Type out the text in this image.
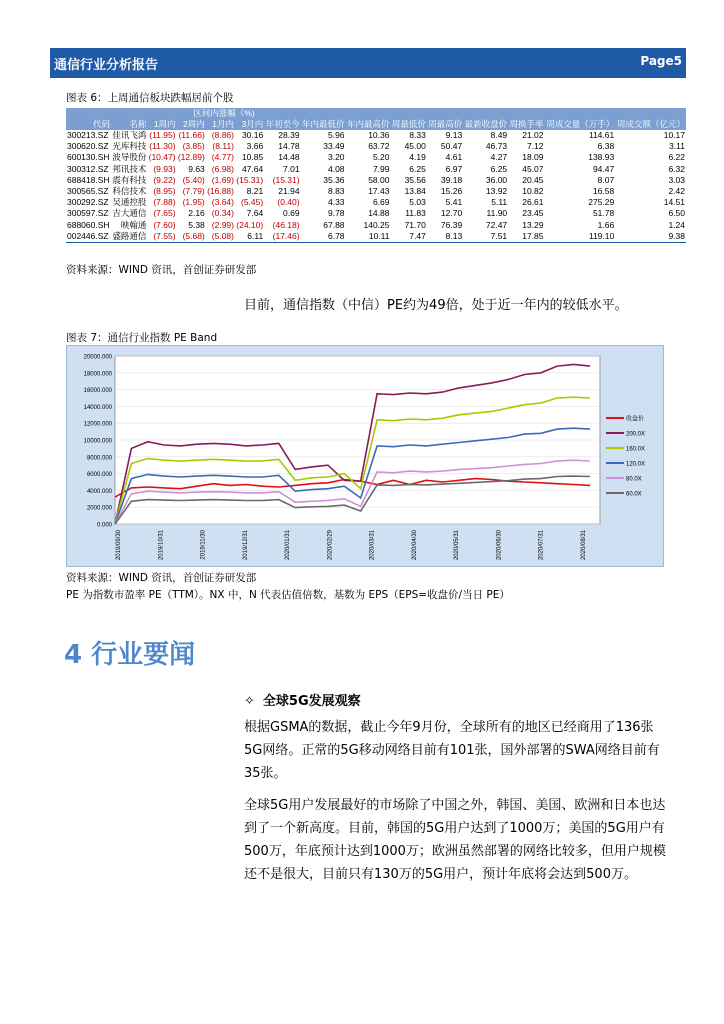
通信行业分析报告	Page5
图表 6：上周通信板块跌幅居前个股
		区间内涨幅（%)												
代码	名称	1周内	2周内	1月内	3月内	年初至今	年内最低价	年内最高价	周最低价	周最高价	最新收盘价	周换手率	周成交量（万手）	周成交额（亿元）
300213.SZ	佳讯飞鸿	(11.95)	(11.66)	(8.86)	30.16	28.39	5.96	10.36	8.33	9.13	8.49	21.02	114.61	10.17
300620.SZ	光库科技	(11.30)	(3.85)	(8.11)	3.66	14.78	33.49	63.72	45.00	50.47	46.73	7.12	6.38	3.11
600130.SH	波导股份	(10.47)	(12.89)	(4.77)	10.85	14.48	3.20	5.20	4.19	4.61	4.27	18.09	138.93	6.22
300312.SZ	邦讯技术	(9.93)	9.63	(6.98)	47.64	7.01	4.08	7.99	6.25	6.97	6.25	45.07	94.47	6.32
688418.SH	震有科技	(9.22)	(5.40)	(1.69)	(15.31)	(15.31)	35.36	58.00	35.56	39.18	36.00	20.45	8.07	3.03
300565.SZ	科信技术	(8.95)	(7.79)	(16.88)	8.21	21.94	8.83	17.43	13.84	15.26	13.92	10.82	16.58	2.42
300292.SZ	吴通控股	(7.88)	(1.95)	(3.64)	(5.45)	(0.40)	4.33	6.69	5.03	5.41	5.11	26.61	275.29	14.51
300597.SZ	吉大通信	(7.65)	2.16	(0.34)	7.64	0.69	9.78	14.88	11.83	12.70	11.90	23.45	51.78	6.50
688060.SH	映翰通	(7.60)	5.38	(2.99)	(24.10)	(46.18)	67.88	140.25	71.70	76.39	72.47	13.29	1.66	1.24
002446.SZ	盛路通信	(7.55)	(5.68)	(5.08)	6.11	(17.46)	6.78	10.11	7.47	8.13	7.51	17.85	119.10	9.38
资料来源：WIND 资讯，首创证券研发部
目前，通信指数（中信）PE约为49倍，处于近一年内的较低水平。
图表 7：通信行业指数 PE Band
20000.000
18000.000
16000.000
14000.000
12000.000
10000.000
8000.000
6000.000
4000.000
2000.000
0.000
2019/09/30	2019/10/31	2019/11/30	2019/12/31	2020/01/31	2020/02/29	2020/03/31	2020/04/30	2020/05/31	2020/06/30	2020/07/31	2020/08/31
收盘价
200.0X
160.0X
120.0X
80.0X
60.0X
资料来源：WIND 资讯，首创证券研发部
PE 为指数市盈率 PE（TTM）。NX 中，N 代表估值倍数，基数为 EPS（EPS=收盘价/当日 PE）
4 行业要闻
✧ 全球5G发展观察
根据GSMA的数据，截止今年9月份，全球所有的地区已经商用了136张5G网络。正常的5G移动网络目前有101张，国外部署的SWA网络目前有35张。
全球5G用户发展最好的市场除了中国之外，韩国、美国、欧洲和日本也达到了一个新高度。目前，韩国的5G用户达到了1000万；美国的5G用户有500万，年底预计达到1000万；欧洲虽然部署的网络比较多，但用户规模还不是很大，目前只有130万的5G用户，预计年底将会达到500万。
